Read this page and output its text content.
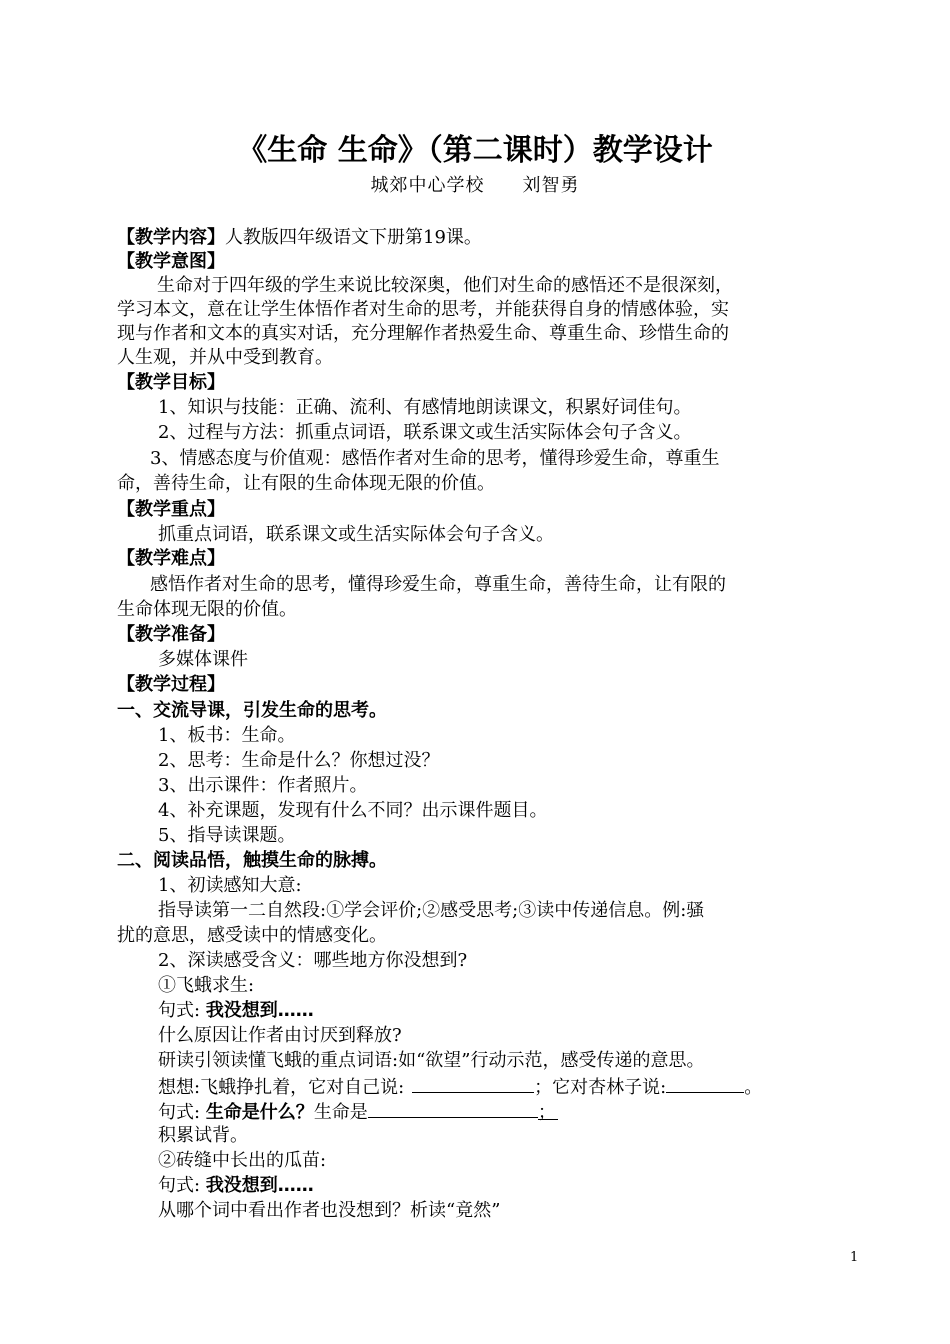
《生命 生命》（第二课时）教学设计
城郊中心学校　　刘智勇
【教学内容】人教版四年级语文下册第19课。
【教学意图】
生命对于四年级的学生来说比较深奥，他们对生命的感悟还不是很深刻，
学习本文，意在让学生体悟作者对生命的思考，并能获得自身的情感体验，实
现与作者和文本的真实对话，充分理解作者热爱生命、尊重生命、珍惜生命的
人生观，并从中受到教育。
【教学目标】
1、知识与技能：正确、流利、有感情地朗读课文，积累好词佳句。
2、过程与方法：抓重点词语，联系课文或生活实际体会句子含义。
3、情感态度与价值观：感悟作者对生命的思考，懂得珍爱生命，尊重生
命，善待生命，让有限的生命体现无限的价值。
【教学重点】
抓重点词语，联系课文或生活实际体会句子含义。
【教学难点】
感悟作者对生命的思考，懂得珍爱生命，尊重生命，善待生命，让有限的
生命体现无限的价值。
【教学准备】
多媒体课件
【教学过程】
一、交流导课，引发生命的思考。
1、板书：生命。
2、思考：生命是什么？你想过没？
3、出示课件：作者照片。
4、补充课题，发现有什么不同？出示课件题目。
5、指导读课题。
二、阅读品悟，触摸生命的脉搏。
1、初读感知大意:
指导读第一二自然段:①学会评价;②感受思考;③读中传递信息。例:骚
扰的意思，感受读中的情感变化。
2、深读感受含义：哪些地方你没想到?
①飞蛾求生:
句式: 我没想到……
什么原因让作者由讨厌到释放?
研读引领读懂飞蛾的重点词语:如“欲望”行动示范，感受传递的意思。
想想:飞蛾挣扎着，它对自己说:	；它对杏林子说:	。
句式: 生命是什么？生命是	；
积累试背。
②砖缝中长出的瓜苗:
句式: 我没想到……
从哪个词中看出作者也没想到？析读“竟然”
1
